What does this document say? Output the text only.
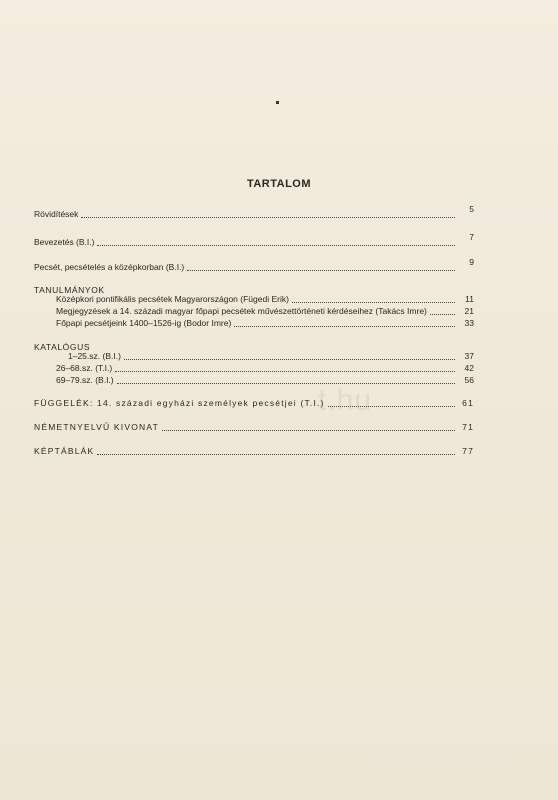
TARTALOM
Rövidítések	5
Bevezetés (B.I.)	7
Pecsét, pecsételés a középkorban (B.I.)	9
TANULMÁNYOK
Középkori pontifikális pecsétek Magyarországon (Fügedi Erik)	11
Megjegyzések a 14. századi magyar főpapi pecsétek művészettörténeti kérdéseihez (Takács Imre)	21
Főpapi pecsétjeink 1400–1526-ig (Bodor Imre)	33
KATALÓGUS
1–25.sz. (B.I.)	37
26–68.sz. (T.I.)	42
69–79.sz. (B.I.)	56
FÜGGELÉK: 14. századi egyházi személyek pecsétjei (T.I.)	61
NÉMETNYELVŰ KIVONAT	71
KÉPTÁBLÁK	77
t.hu
